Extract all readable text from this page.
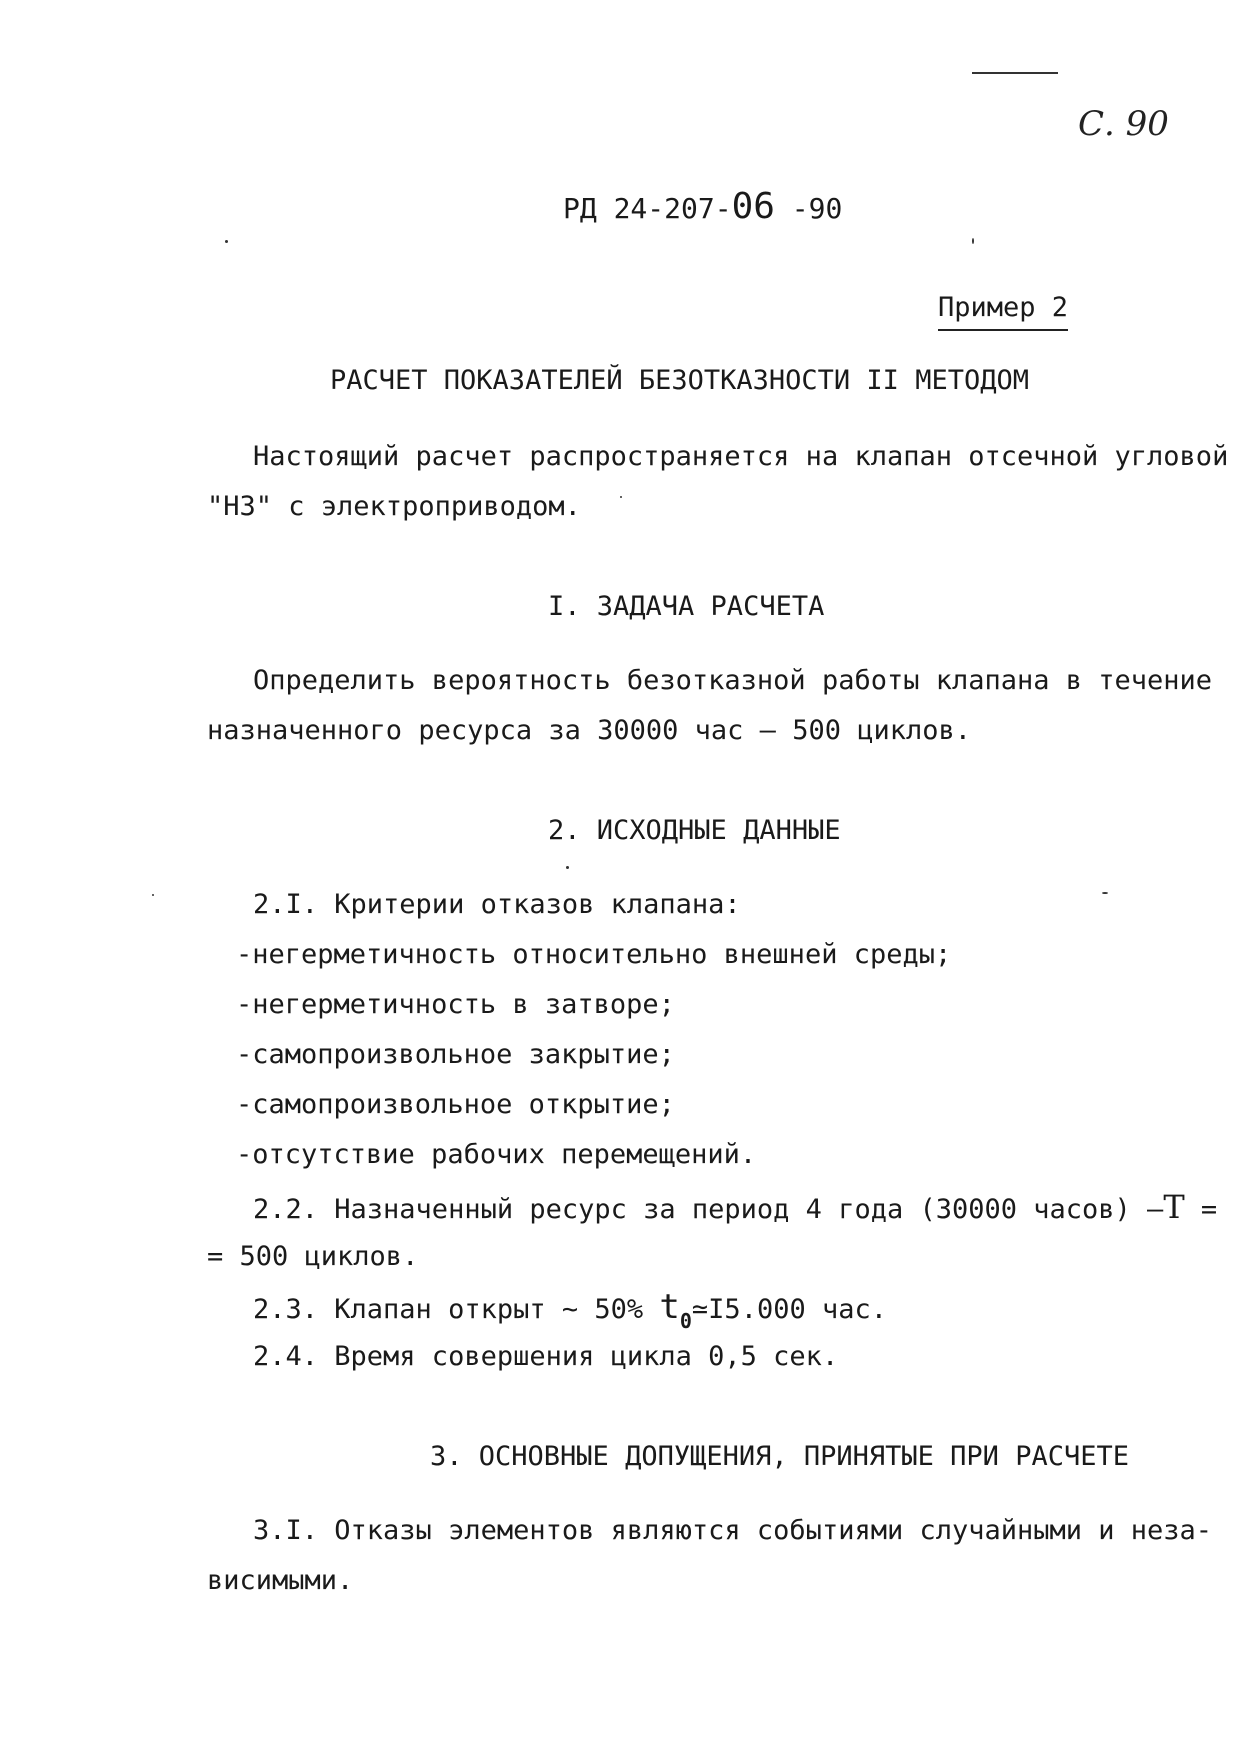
С. 90
РД 24-207-06 -90
Пример 2
РАСЧЕТ ПОКАЗАТЕЛЕЙ БЕЗОТКАЗНОСТИ II МЕТОДОМ
Настоящий расчет распространяется на клапан отсечной угловой
"НЗ" с электроприводом.
I. ЗАДАЧА РАСЧЕТА
Определить вероятность безотказной работы клапана в течение
назначенного ресурса за 30000 час – 500 циклов.
2. ИСХОДНЫЕ ДАННЫЕ
2.I. Критерии отказов клапана:
-негерметичность относительно внешней среды;
-негерметичность в затворе;
-самопроизвольное закрытие;
-самопроизвольное открытие;
-отсутствие рабочих перемещений.
2.2. Назначенный ресурс за период 4 года (30000 часов) –Т =
= 500 циклов.
2.3. Клапан открыт ~ 50% $t_0≃I5.000$ час.
2.4. Время совершения цикла 0,5 сек.
3. ОСНОВНЫЕ ДОПУЩЕНИЯ, ПРИНЯТЫЕ ПРИ РАСЧЕТЕ
3.I. Отказы элементов являются событиями случайными и неза-
висимыми.
